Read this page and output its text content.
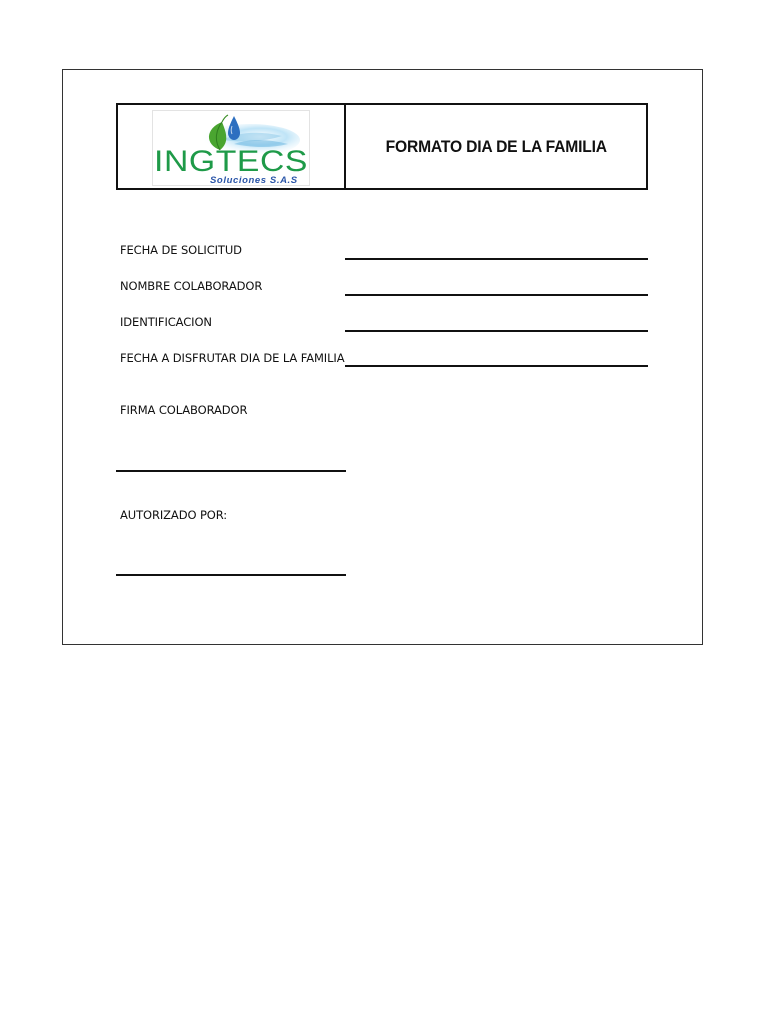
INGTECS
Soluciones S.A.S
FORMATO DIA DE LA FAMILIA
FECHA DE SOLICITUD
NOMBRE COLABORADOR
IDENTIFICACION
FECHA A DISFRUTAR DIA DE LA FAMILIA
FIRMA COLABORADOR
AUTORIZADO POR:
